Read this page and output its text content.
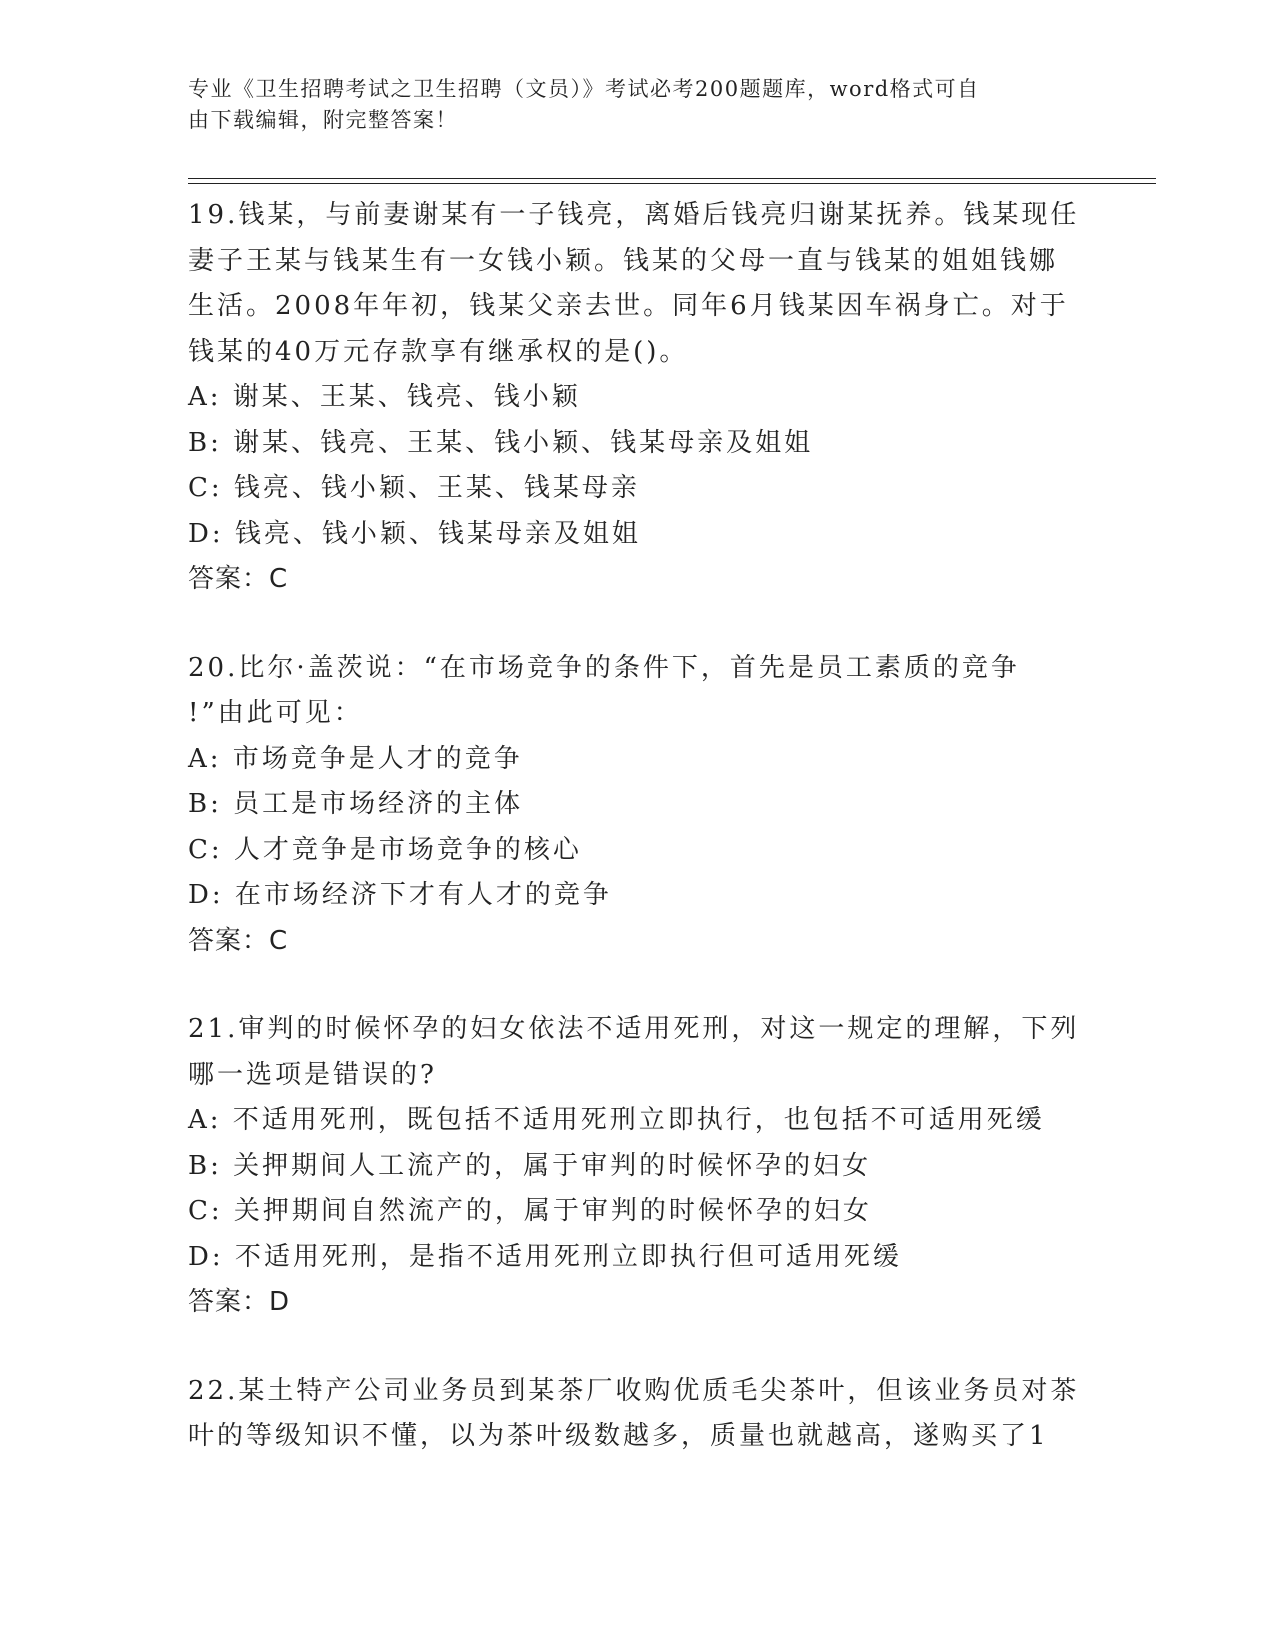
专业《卫生招聘考试之卫生招聘（文员）》考试必考200题题库，word格式可自

由下载编辑，附完整答案！

19.钱某，与前妻谢某有一子钱亮，离婚后钱亮归谢某抚养。钱某现任
妻子王某与钱某生有一女钱小颖。钱某的父母一直与钱某的姐姐钱娜
生活。2008年年初，钱某父亲去世。同年6月钱某因车祸身亡。对于
钱某的40万元存款享有继承权的是()。
A: 谢某、王某、钱亮、钱小颖
B: 谢某、钱亮、王某、钱小颖、钱某母亲及姐姐
C: 钱亮、钱小颖、王某、钱某母亲
D: 钱亮、钱小颖、钱某母亲及姐姐
答案：C
20.比尔·盖茨说：“在市场竞争的条件下，首先是员工素质的竞争
!”由此可见：
A: 市场竞争是人才的竞争
B: 员工是市场经济的主体
C: 人才竞争是市场竞争的核心
D: 在市场经济下才有人才的竞争
答案：C
21.审判的时候怀孕的妇女依法不适用死刑，对这一规定的理解，下列
哪一选项是错误的?
A: 不适用死刑，既包括不适用死刑立即执行，也包括不可适用死缓
B: 关押期间人工流产的，属于审判的时候怀孕的妇女
C: 关押期间自然流产的，属于审判的时候怀孕的妇女
D: 不适用死刑，是指不适用死刑立即执行但可适用死缓
答案：D
22.某土特产公司业务员到某茶厂收购优质毛尖茶叶，但该业务员对茶
叶的等级知识不懂，以为茶叶级数越多，质量也就越高，遂购买了1
